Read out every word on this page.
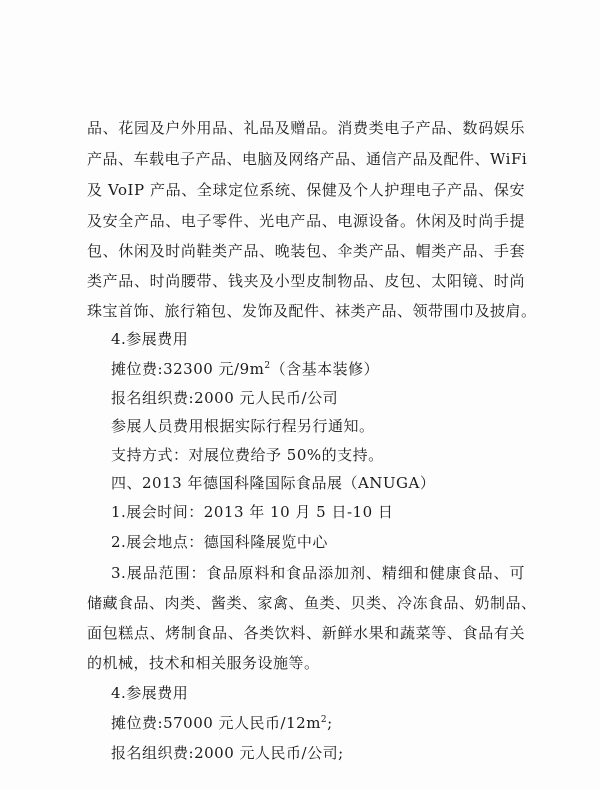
品、花园及户外用品、礼品及赠品。消费类电子产品、数码娱乐
产品、车载电子产品、电脑及网络产品、通信产品及配件、WiFi
及 VoIP 产品、全球定位系统、保健及个人护理电子产品、保安
及安全产品、电子零件、光电产品、电源设备。休闲及时尚手提
包、休闲及时尚鞋类产品、晚装包、伞类产品、帽类产品、手套
类产品、时尚腰带、钱夹及小型皮制物品、皮包、太阳镜、时尚
珠宝首饰、旅行箱包、发饰及配件、袜类产品、领带围巾及披肩。
4.参展费用
摊位费:32300 元$/9m^2$（含基本装修）
报名组织费:2000 元人民币/公司
参展人员费用根据实际行程另行通知。
支持方式：对展位费给予 50%的支持。
四、2013 年德国科隆国际食品展（ANUGA）
1.展会时间：2013 年 10 月 5 日-10 日
2.展会地点：德国科隆展览中心
3.展品范围：食品原料和食品添加剂、精细和健康食品、可
储藏食品、肉类、酱类、家禽、鱼类、贝类、冷冻食品、奶制品、
面包糕点、烤制食品、各类饮料、新鲜水果和蔬菜等、食品有关
的机械，技术和相关服务设施等。
4.参展费用
摊位费:57000 元人民币$/12m^2$;
报名组织费:2000 元人民币/公司;
